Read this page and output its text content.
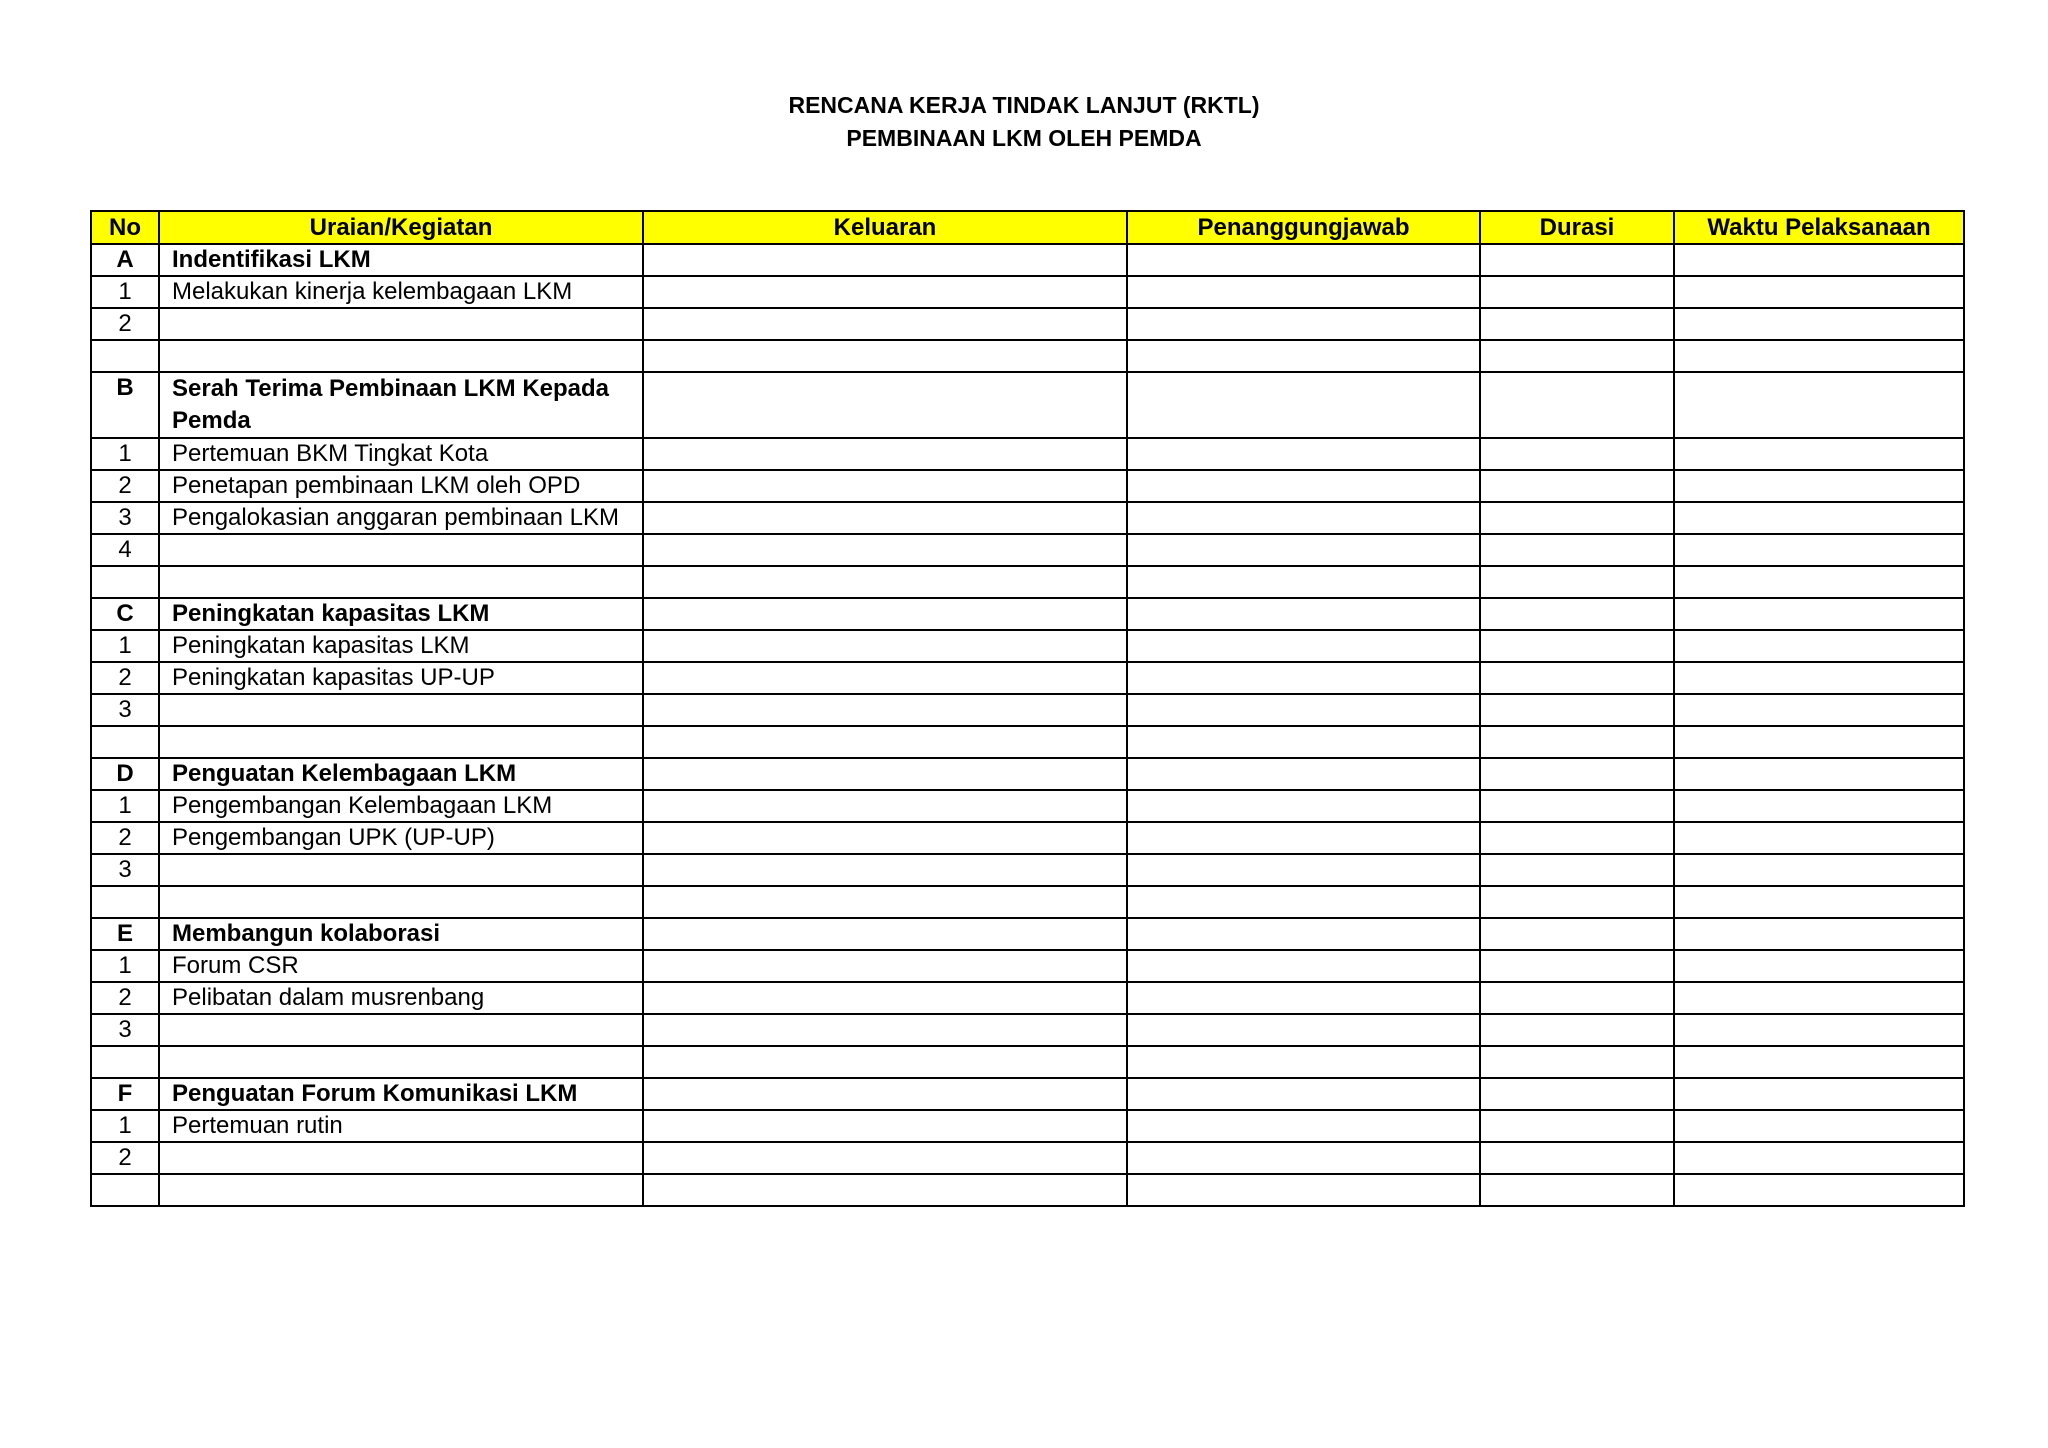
RENCANA KERJA TINDAK LANJUT (RKTL)
PEMBINAAN LKM OLEH PEMDA
No	Uraian/Kegiatan	Keluaran	Penanggungjawab	Durasi	Waktu Pelaksanaan
A	Indentifikasi LKM				
1	Melakukan kinerja kelembagaan LKM				
2					

B	Serah Terima Pembinaan LKM Kepada Pemda				
1	Pertemuan BKM Tingkat Kota				
2	Penetapan pembinaan LKM oleh OPD				
3	Pengalokasian anggaran pembinaan LKM				
4					

C	Peningkatan kapasitas LKM				
1	Peningkatan kapasitas LKM				
2	Peningkatan kapasitas UP-UP				
3					

D	Penguatan Kelembagaan LKM				
1	Pengembangan Kelembagaan LKM				
2	Pengembangan UPK (UP-UP)				
3					

E	Membangun kolaborasi				
1	Forum CSR				
2	Pelibatan dalam musrenbang				
3					

F	Penguatan Forum Komunikasi LKM				
1	Pertemuan rutin				
2					
